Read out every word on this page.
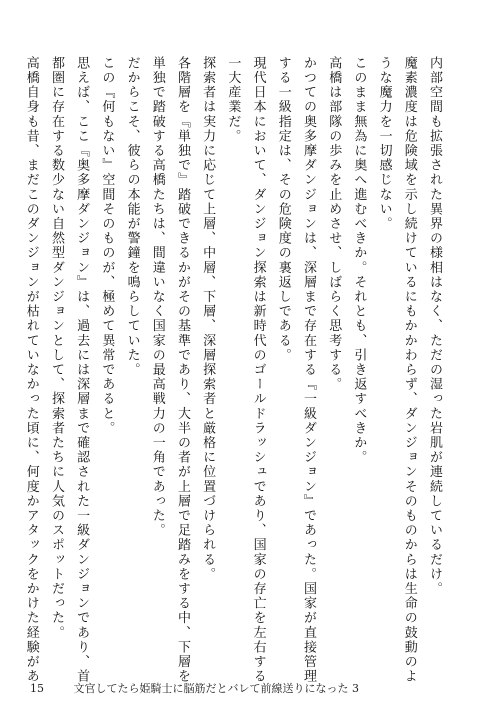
内部空間も拡張された異界の様相はなく、ただの湿った岩肌が連続しているだけ。
魔素濃度は危険域を示し続けているにもかかわらず、ダンジョンそのものからは生命の鼓動のよ
うな魔力を一切感じない。
このまま無為に奥へ進むべきか。それとも、引き返すべきか。
高橋は部隊の歩みを止めさせ、しばらく思考する。
かつての奥多摩ダンジョンは、深層まで存在する『一級ダンジョン』であった。国家が直接管理
する一級指定は、その危険度の裏返しである。
現代日本において、ダンジョン探索は新時代のゴールドラッシュであり、国家の存亡を左右する
一大産業だ。
探索者は実力に応じて上層、中層、下層、深層探索者と厳格に位置づけられる。
各階層を『単独で』踏破できるかがその基準であり、大半の者が上層で足踏みをする中、下層を
単独で踏破する高橋たちは、間違いなく国家の最高戦力の一角であった。
だからこそ、彼らの本能が警鐘を鳴らしていた。
この『何もない』空間そのものが、極めて異常であると。
思えば、ここ『奥多摩ダンジョン』は、過去には深層まで確認された一級ダンジョンであり、首
都圏に存在する数少ない自然型ダンジョンとして、探索者たちに人気のスポットだった。
高橋自身も昔、まだこのダンジョンが枯れていなかった頃に、何度かアタックをかけた経験があ
15	文官してたら姫騎士に脳筋だとバレて前線送りになった 3
